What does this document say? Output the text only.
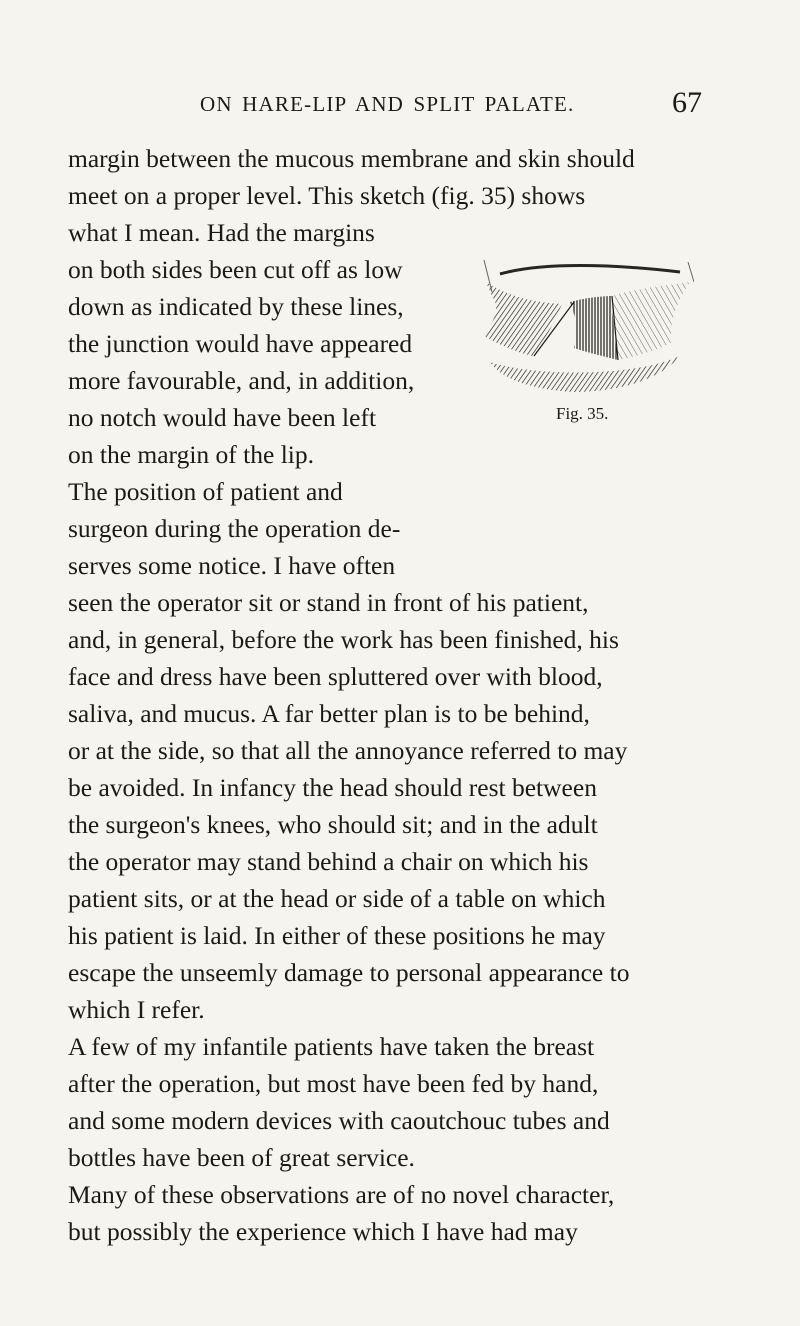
ON HARE-LIP AND SPLIT PALATE.	67
margin between the mucous membrane and skin should
meet on a proper level. This sketch (fig. 35) shows
what I mean. Had the margins
on both sides been cut off as low
down as indicated by these lines,
the junction would have appeared
more favourable, and, in addition,
no notch would have been left
on the margin of the lip.
The position of patient and
surgeon during the operation de-
serves some notice. I have often
seen the operator sit or stand in front of his patient,
and, in general, before the work has been finished, his
face and dress have been spluttered over with blood,
saliva, and mucus. A far better plan is to be behind,
or at the side, so that all the annoyance referred to may
be avoided. In infancy the head should rest between
the surgeon's knees, who should sit; and in the adult
the operator may stand behind a chair on which his
patient sits, or at the head or side of a table on which
his patient is laid. In either of these positions he may
escape the unseemly damage to personal appearance to
which I refer.
A few of my infantile patients have taken the breast
after the operation, but most have been fed by hand,
and some modern devices with caoutchouc tubes and
bottles have been of great service.
Many of these observations are of no novel character,
but possibly the experience which I have had may
Fig. 35.
